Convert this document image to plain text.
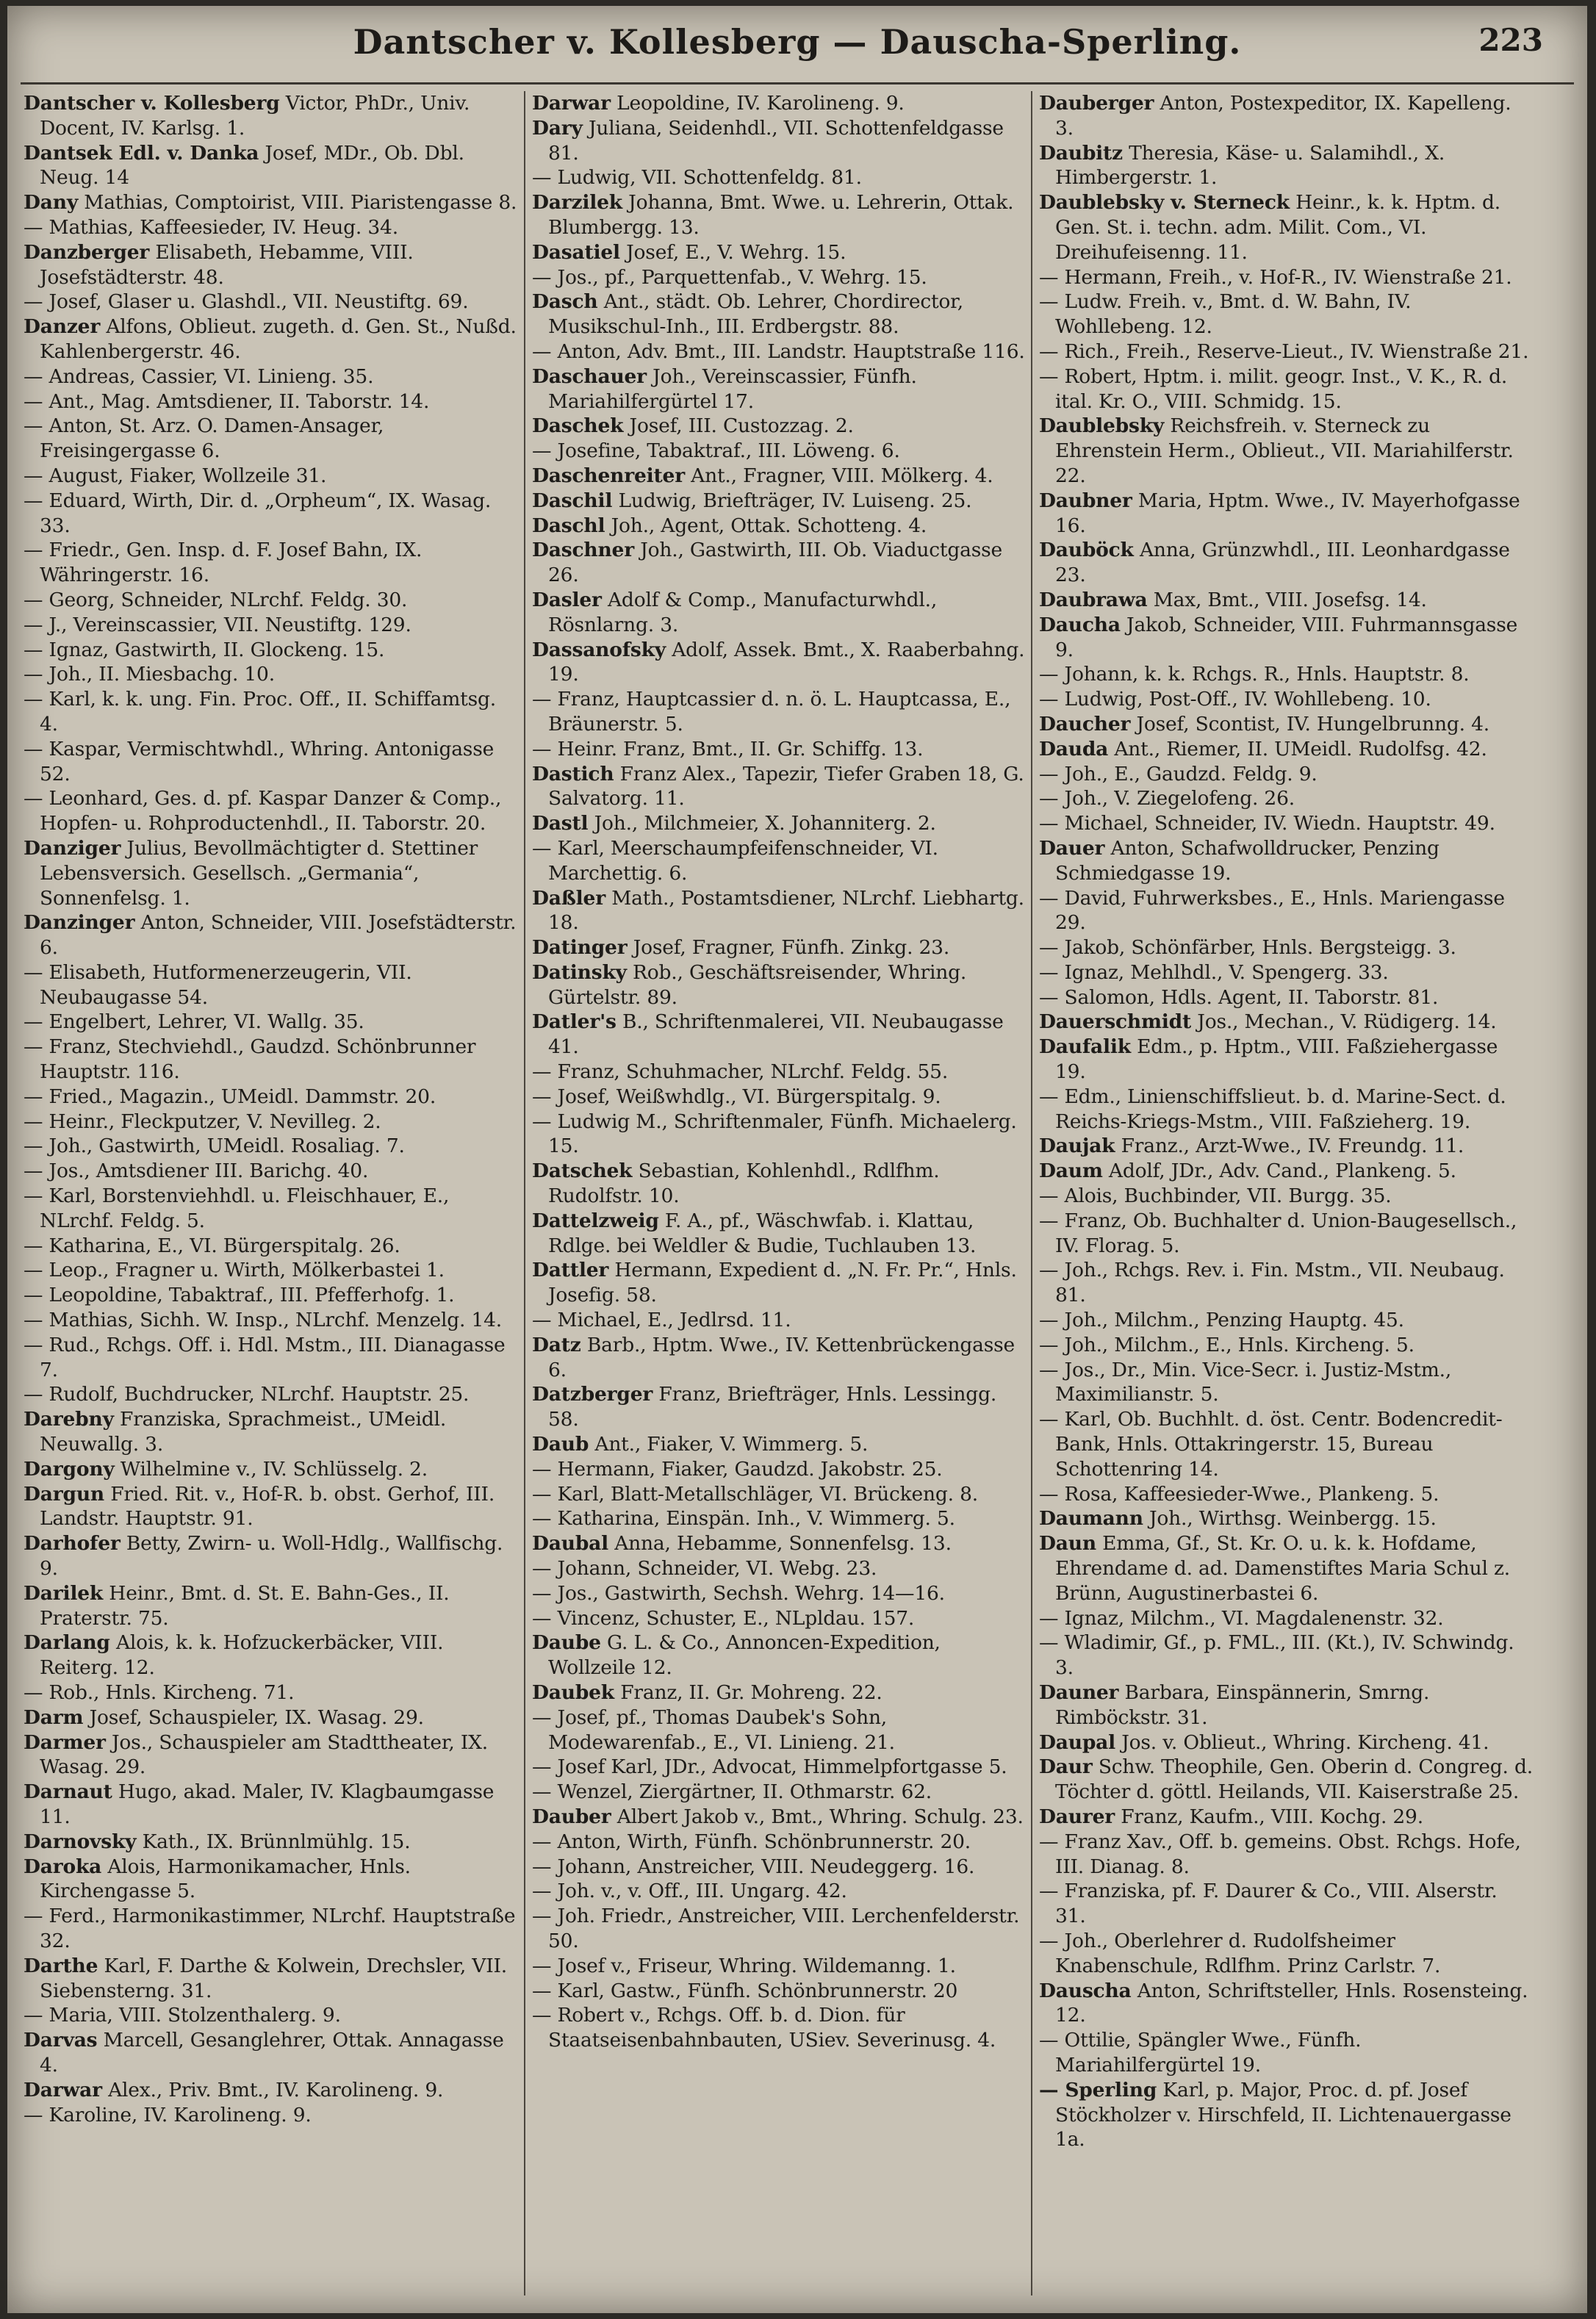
Dantscher v. Kollesberg — Dauscha-Sperling.	223
Dantscher v. Kollesberg Victor, PhDr., Univ. Docent, IV. Karlsg. 1.
Dantsek Edl. v. Danka Josef, MDr., Ob. Dbl. Neug. 14
Dany Mathias, Comptoirist, VIII. Piaristengasse 8.
— Mathias, Kaffeesieder, IV. Heug. 34.
Danzberger Elisabeth, Hebamme, VIII. Josefstädterstr. 48.
— Josef, Glaser u. Glashdl., VII. Neustiftg. 69.
Danzer Alfons, Oblieut. zugeth. d. Gen. St., Nußd. Kahlenbergerstr. 46.
— Andreas, Cassier, VI. Linieng. 35.
— Ant., Mag. Amtsdiener, II. Taborstr. 14.
— Anton, St. Arz. O. Damen-Ansager, Freisingergasse 6.
— August, Fiaker, Wollzeile 31.
— Eduard, Wirth, Dir. d. „Orpheum“, IX. Wasag. 33.
— Friedr., Gen. Insp. d. F. Josef Bahn, IX. Währingerstr. 16.
— Georg, Schneider, NLrchf. Feldg. 30.
— J., Vereinscassier, VII. Neustiftg. 129.
— Ignaz, Gastwirth, II. Glockeng. 15.
— Joh., II. Miesbachg. 10.
— Karl, k. k. ung. Fin. Proc. Off., II. Schiffamtsg. 4.
— Kaspar, Vermischtwhdl., Whring. Antonigasse 52.
— Leonhard, Ges. d. pf. Kaspar Danzer & Comp., Hopfen- u. Rohproductenhdl., II. Taborstr. 20.
Danziger Julius, Bevollmächtigter d. Stettiner Lebensversich. Gesellsch. „Germania“, Sonnenfelsg. 1.
Danzinger Anton, Schneider, VIII. Josefstädterstr. 6.
— Elisabeth, Hutformenerzeugerin, VII. Neubaugasse 54.
— Engelbert, Lehrer, VI. Wallg. 35.
— Franz, Stechviehdl., Gaudzd. Schönbrunner Hauptstr. 116.
— Fried., Magazin., UMeidl. Dammstr. 20.
— Heinr., Fleckputzer, V. Nevilleg. 2.
— Joh., Gastwirth, UMeidl. Rosaliag. 7.
— Jos., Amtsdiener III. Barichg. 40.
— Karl, Borstenviehhdl. u. Fleischhauer, E., NLrchf. Feldg. 5.
— Katharina, E., VI. Bürgerspitalg. 26.
— Leop., Fragner u. Wirth, Mölkerbastei 1.
— Leopoldine, Tabaktraf., III. Pfefferhofg. 1.
— Mathias, Sichh. W. Insp., NLrchf. Menzelg. 14.
— Rud., Rchgs. Off. i. Hdl. Mstm., III. Dianagasse 7.
— Rudolf, Buchdrucker, NLrchf. Hauptstr. 25.
Darebny Franziska, Sprachmeist., UMeidl. Neuwallg. 3.
Dargony Wilhelmine v., IV. Schlüsselg. 2.
Dargun Fried. Rit. v., Hof-R. b. obst. Gerhof, III. Landstr. Hauptstr. 91.
Darhofer Betty, Zwirn- u. Woll-Hdlg., Wallfischg. 9.
Darilek Heinr., Bmt. d. St. E. Bahn-Ges., II. Praterstr. 75.
Darlang Alois, k. k. Hofzuckerbäcker, VIII. Reiterg. 12.
— Rob., Hnls. Kircheng. 71.
Darm Josef, Schauspieler, IX. Wasag. 29.
Darmer Jos., Schauspieler am Stadttheater, IX. Wasag. 29.
Darnaut Hugo, akad. Maler, IV. Klagbaumgasse 11.
Darnovsky Kath., IX. Brünnlmühlg. 15.
Daroka Alois, Harmonikamacher, Hnls. Kirchengasse 5.
— Ferd., Harmonikastimmer, NLrchf. Hauptstraße 32.
Darthe Karl, F. Darthe & Kolwein, Drechsler, VII. Siebensterng. 31.
— Maria, VIII. Stolzenthalerg. 9.
Darvas Marcell, Gesanglehrer, Ottak. Annagasse 4.
Darwar Alex., Priv. Bmt., IV. Karolineng. 9.
— Karoline, IV. Karolineng. 9.
Darwar Leopoldine, IV. Karolineng. 9.
Dary Juliana, Seidenhdl., VII. Schottenfeldgasse 81.
— Ludwig, VII. Schottenfeldg. 81.
Darzilek Johanna, Bmt. Wwe. u. Lehrerin, Ottak. Blumbergg. 13.
Dasatiel Josef, E., V. Wehrg. 15.
— Jos., pf., Parquettenfab., V. Wehrg. 15.
Dasch Ant., städt. Ob. Lehrer, Chordirector, Musikschul-Inh., III. Erdbergstr. 88.
— Anton, Adv. Bmt., III. Landstr. Hauptstraße 116.
Daschauer Joh., Vereinscassier, Fünfh. Mariahilfergürtel 17.
Daschek Josef, III. Custozzag. 2.
— Josefine, Tabaktraf., III. Löweng. 6.
Daschenreiter Ant., Fragner, VIII. Mölkerg. 4.
Daschil Ludwig, Briefträger, IV. Luiseng. 25.
Daschl Joh., Agent, Ottak. Schotteng. 4.
Daschner Joh., Gastwirth, III. Ob. Viaductgasse 26.
Dasler Adolf & Comp., Manufacturwhdl., Rösnlarng. 3.
Dassanofsky Adolf, Assek. Bmt., X. Raaberbahng. 19.
— Franz, Hauptcassier d. n. ö. L. Hauptcassa, E., Bräunerstr. 5.
— Heinr. Franz, Bmt., II. Gr. Schiffg. 13.
Dastich Franz Alex., Tapezir, Tiefer Graben 18, G. Salvatorg. 11.
Dastl Joh., Milchmeier, X. Johanniterg. 2.
— Karl, Meerschaumpfeifenschneider, VI. Marchettig. 6.
Daßler Math., Postamtsdiener, NLrchf. Liebhartg. 18.
Datinger Josef, Fragner, Fünfh. Zinkg. 23.
Datinsky Rob., Geschäftsreisender, Whring. Gürtelstr. 89.
Datler's B., Schriftenmalerei, VII. Neubaugasse 41.
— Franz, Schuhmacher, NLrchf. Feldg. 55.
— Josef, Weißwhdlg., VI. Bürgerspitalg. 9.
— Ludwig M., Schriftenmaler, Fünfh. Michaelerg. 15.
Datschek Sebastian, Kohlenhdl., Rdlfhm. Rudolfstr. 10.
Dattelzweig F. A., pf., Wäschwfab. i. Klattau, Rdlge. bei Weldler & Budie, Tuchlauben 13.
Dattler Hermann, Expedient d. „N. Fr. Pr.“, Hnls. Josefig. 58.
— Michael, E., Jedlrsd. 11.
Datz Barb., Hptm. Wwe., IV. Kettenbrückengasse 6.
Datzberger Franz, Briefträger, Hnls. Lessingg. 58.
Daub Ant., Fiaker, V. Wimmerg. 5.
— Hermann, Fiaker, Gaudzd. Jakobstr. 25.
— Karl, Blatt-Metallschläger, VI. Brückeng. 8.
— Katharina, Einspän. Inh., V. Wimmerg. 5.
Daubal Anna, Hebamme, Sonnenfelsg. 13.
— Johann, Schneider, VI. Webg. 23.
— Jos., Gastwirth, Sechsh. Wehrg. 14—16.
— Vincenz, Schuster, E., NLpldau. 157.
Daube G. L. & Co., Annoncen-Expedition, Wollzeile 12.
Daubek Franz, II. Gr. Mohreng. 22.
— Josef, pf., Thomas Daubek's Sohn, Modewarenfab., E., VI. Linieng. 21.
— Josef Karl, JDr., Advocat, Himmelpfortgasse 5.
— Wenzel, Ziergärtner, II. Othmarstr. 62.
Dauber Albert Jakob v., Bmt., Whring. Schulg. 23.
— Anton, Wirth, Fünfh. Schönbrunnerstr. 20.
— Johann, Anstreicher, VIII. Neudeggerg. 16.
— Joh. v., v. Off., III. Ungarg. 42.
— Joh. Friedr., Anstreicher, VIII. Lerchenfelderstr. 50.
— Josef v., Friseur, Whring. Wildemanng. 1.
— Karl, Gastw., Fünfh. Schönbrunnerstr. 20
— Robert v., Rchgs. Off. b. d. Dion. für Staatseisenbahnbauten, USiev. Severinusg. 4.
Dauberger Anton, Postexpeditor, IX. Kapelleng. 3.
Daubitz Theresia, Käse- u. Salamihdl., X. Himbergerstr. 1.
Daublebsky v. Sterneck Heinr., k. k. Hptm. d. Gen. St. i. techn. adm. Milit. Com., VI. Dreihufeisenng. 11.
— Hermann, Freih., v. Hof-R., IV. Wienstraße 21.
— Ludw. Freih. v., Bmt. d. W. Bahn, IV. Wohllebeng. 12.
— Rich., Freih., Reserve-Lieut., IV. Wienstraße 21.
— Robert, Hptm. i. milit. geogr. Inst., V. K., R. d. ital. Kr. O., VIII. Schmidg. 15.
Daublebsky Reichsfreih. v. Sterneck zu Ehrenstein Herm., Oblieut., VII. Mariahilferstr. 22.
Daubner Maria, Hptm. Wwe., IV. Mayerhofgasse 16.
Dauböck Anna, Grünzwhdl., III. Leonhardgasse 23.
Daubrawa Max, Bmt., VIII. Josefsg. 14.
Daucha Jakob, Schneider, VIII. Fuhrmannsgasse 9.
— Johann, k. k. Rchgs. R., Hnls. Hauptstr. 8.
— Ludwig, Post-Off., IV. Wohllebeng. 10.
Daucher Josef, Scontist, IV. Hungelbrunng. 4.
Dauda Ant., Riemer, II. UMeidl. Rudolfsg. 42.
— Joh., E., Gaudzd. Feldg. 9.
— Joh., V. Ziegelofeng. 26.
— Michael, Schneider, IV. Wiedn. Hauptstr. 49.
Dauer Anton, Schafwolldrucker, Penzing Schmiedgasse 19.
— David, Fuhrwerksbes., E., Hnls. Mariengasse 29.
— Jakob, Schönfärber, Hnls. Bergsteigg. 3.
— Ignaz, Mehlhdl., V. Spengerg. 33.
— Salomon, Hdls. Agent, II. Taborstr. 81.
Dauerschmidt Jos., Mechan., V. Rüdigerg. 14.
Daufalik Edm., p. Hptm., VIII. Faßziehergasse 19.
— Edm., Linienschiffslieut. b. d. Marine-Sect. d. Reichs-Kriegs-Mstm., VIII. Faßzieherg. 19.
Daujak Franz., Arzt-Wwe., IV. Freundg. 11.
Daum Adolf, JDr., Adv. Cand., Plankeng. 5.
— Alois, Buchbinder, VII. Burgg. 35.
— Franz, Ob. Buchhalter d. Union-Baugesellsch., IV. Florag. 5.
— Joh., Rchgs. Rev. i. Fin. Mstm., VII. Neubaug. 81.
— Joh., Milchm., Penzing Hauptg. 45.
— Joh., Milchm., E., Hnls. Kircheng. 5.
— Jos., Dr., Min. Vice-Secr. i. Justiz-Mstm., Maximilianstr. 5.
— Karl, Ob. Buchhlt. d. öst. Centr. Bodencredit-Bank, Hnls. Ottakringerstr. 15, Bureau Schottenring 14.
— Rosa, Kaffeesieder-Wwe., Plankeng. 5.
Daumann Joh., Wirthsg. Weinbergg. 15.
Daun Emma, Gf., St. Kr. O. u. k. k. Hofdame, Ehrendame d. ad. Damenstiftes Maria Schul z. Brünn, Augustinerbastei 6.
— Ignaz, Milchm., VI. Magdalenenstr. 32.
— Wladimir, Gf., p. FML., III. (Kt.), IV. Schwindg. 3.
Dauner Barbara, Einspännerin, Smrng. Rimböckstr. 31.
Daupal Jos. v. Oblieut., Whring. Kircheng. 41.
Daur Schw. Theophile, Gen. Oberin d. Congreg. d. Töchter d. göttl. Heilands, VII. Kaiserstraße 25.
Daurer Franz, Kaufm., VIII. Kochg. 29.
— Franz Xav., Off. b. gemeins. Obst. Rchgs. Hofe, III. Dianag. 8.
— Franziska, pf. F. Daurer & Co., VIII. Alserstr. 31.
— Joh., Oberlehrer d. Rudolfsheimer Knabenschule, Rdlfhm. Prinz Carlstr. 7.
Dauscha Anton, Schriftsteller, Hnls. Rosensteing. 12.
— Ottilie, Spängler Wwe., Fünfh. Mariahilfergürtel 19.
— Sperling Karl, p. Major, Proc. d. pf. Josef Stöckholzer v. Hirschfeld, II. Lichtenauergasse 1a.
